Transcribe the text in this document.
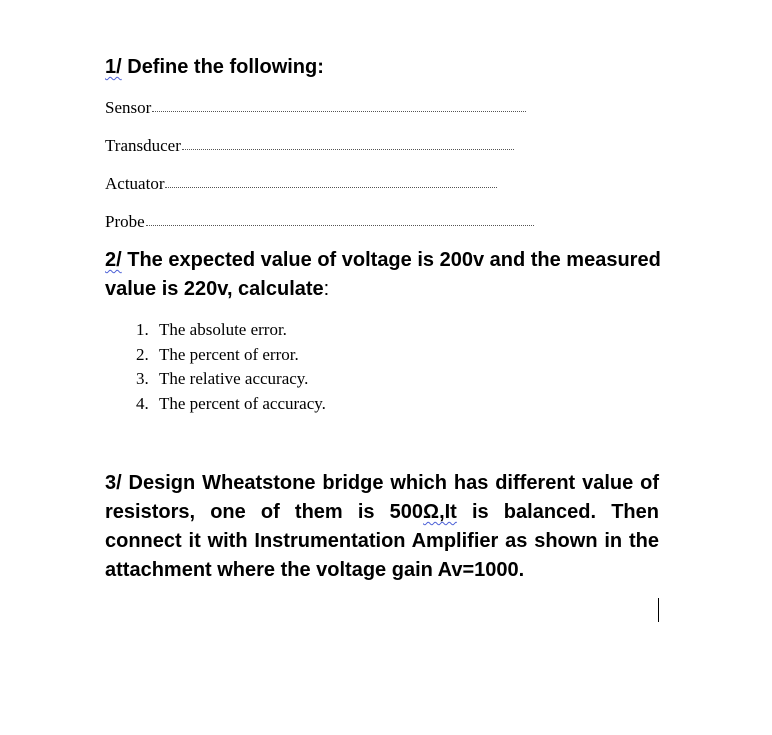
1/ Define the following:
Sensor
Transducer
Actuator
Probe
2/ The expected value of voltage is 200v and the measured value is 220v, calculate:
1. The absolute error.
2. The percent of error.
3. The relative accuracy.
4. The percent of accuracy.

3/ Design Wheatstone bridge which has different value of resistors, one of them is 500Ω,It is balanced. Then connect it with Instrumentation Amplifier as shown in the attachment where the voltage gain Av=1000.
